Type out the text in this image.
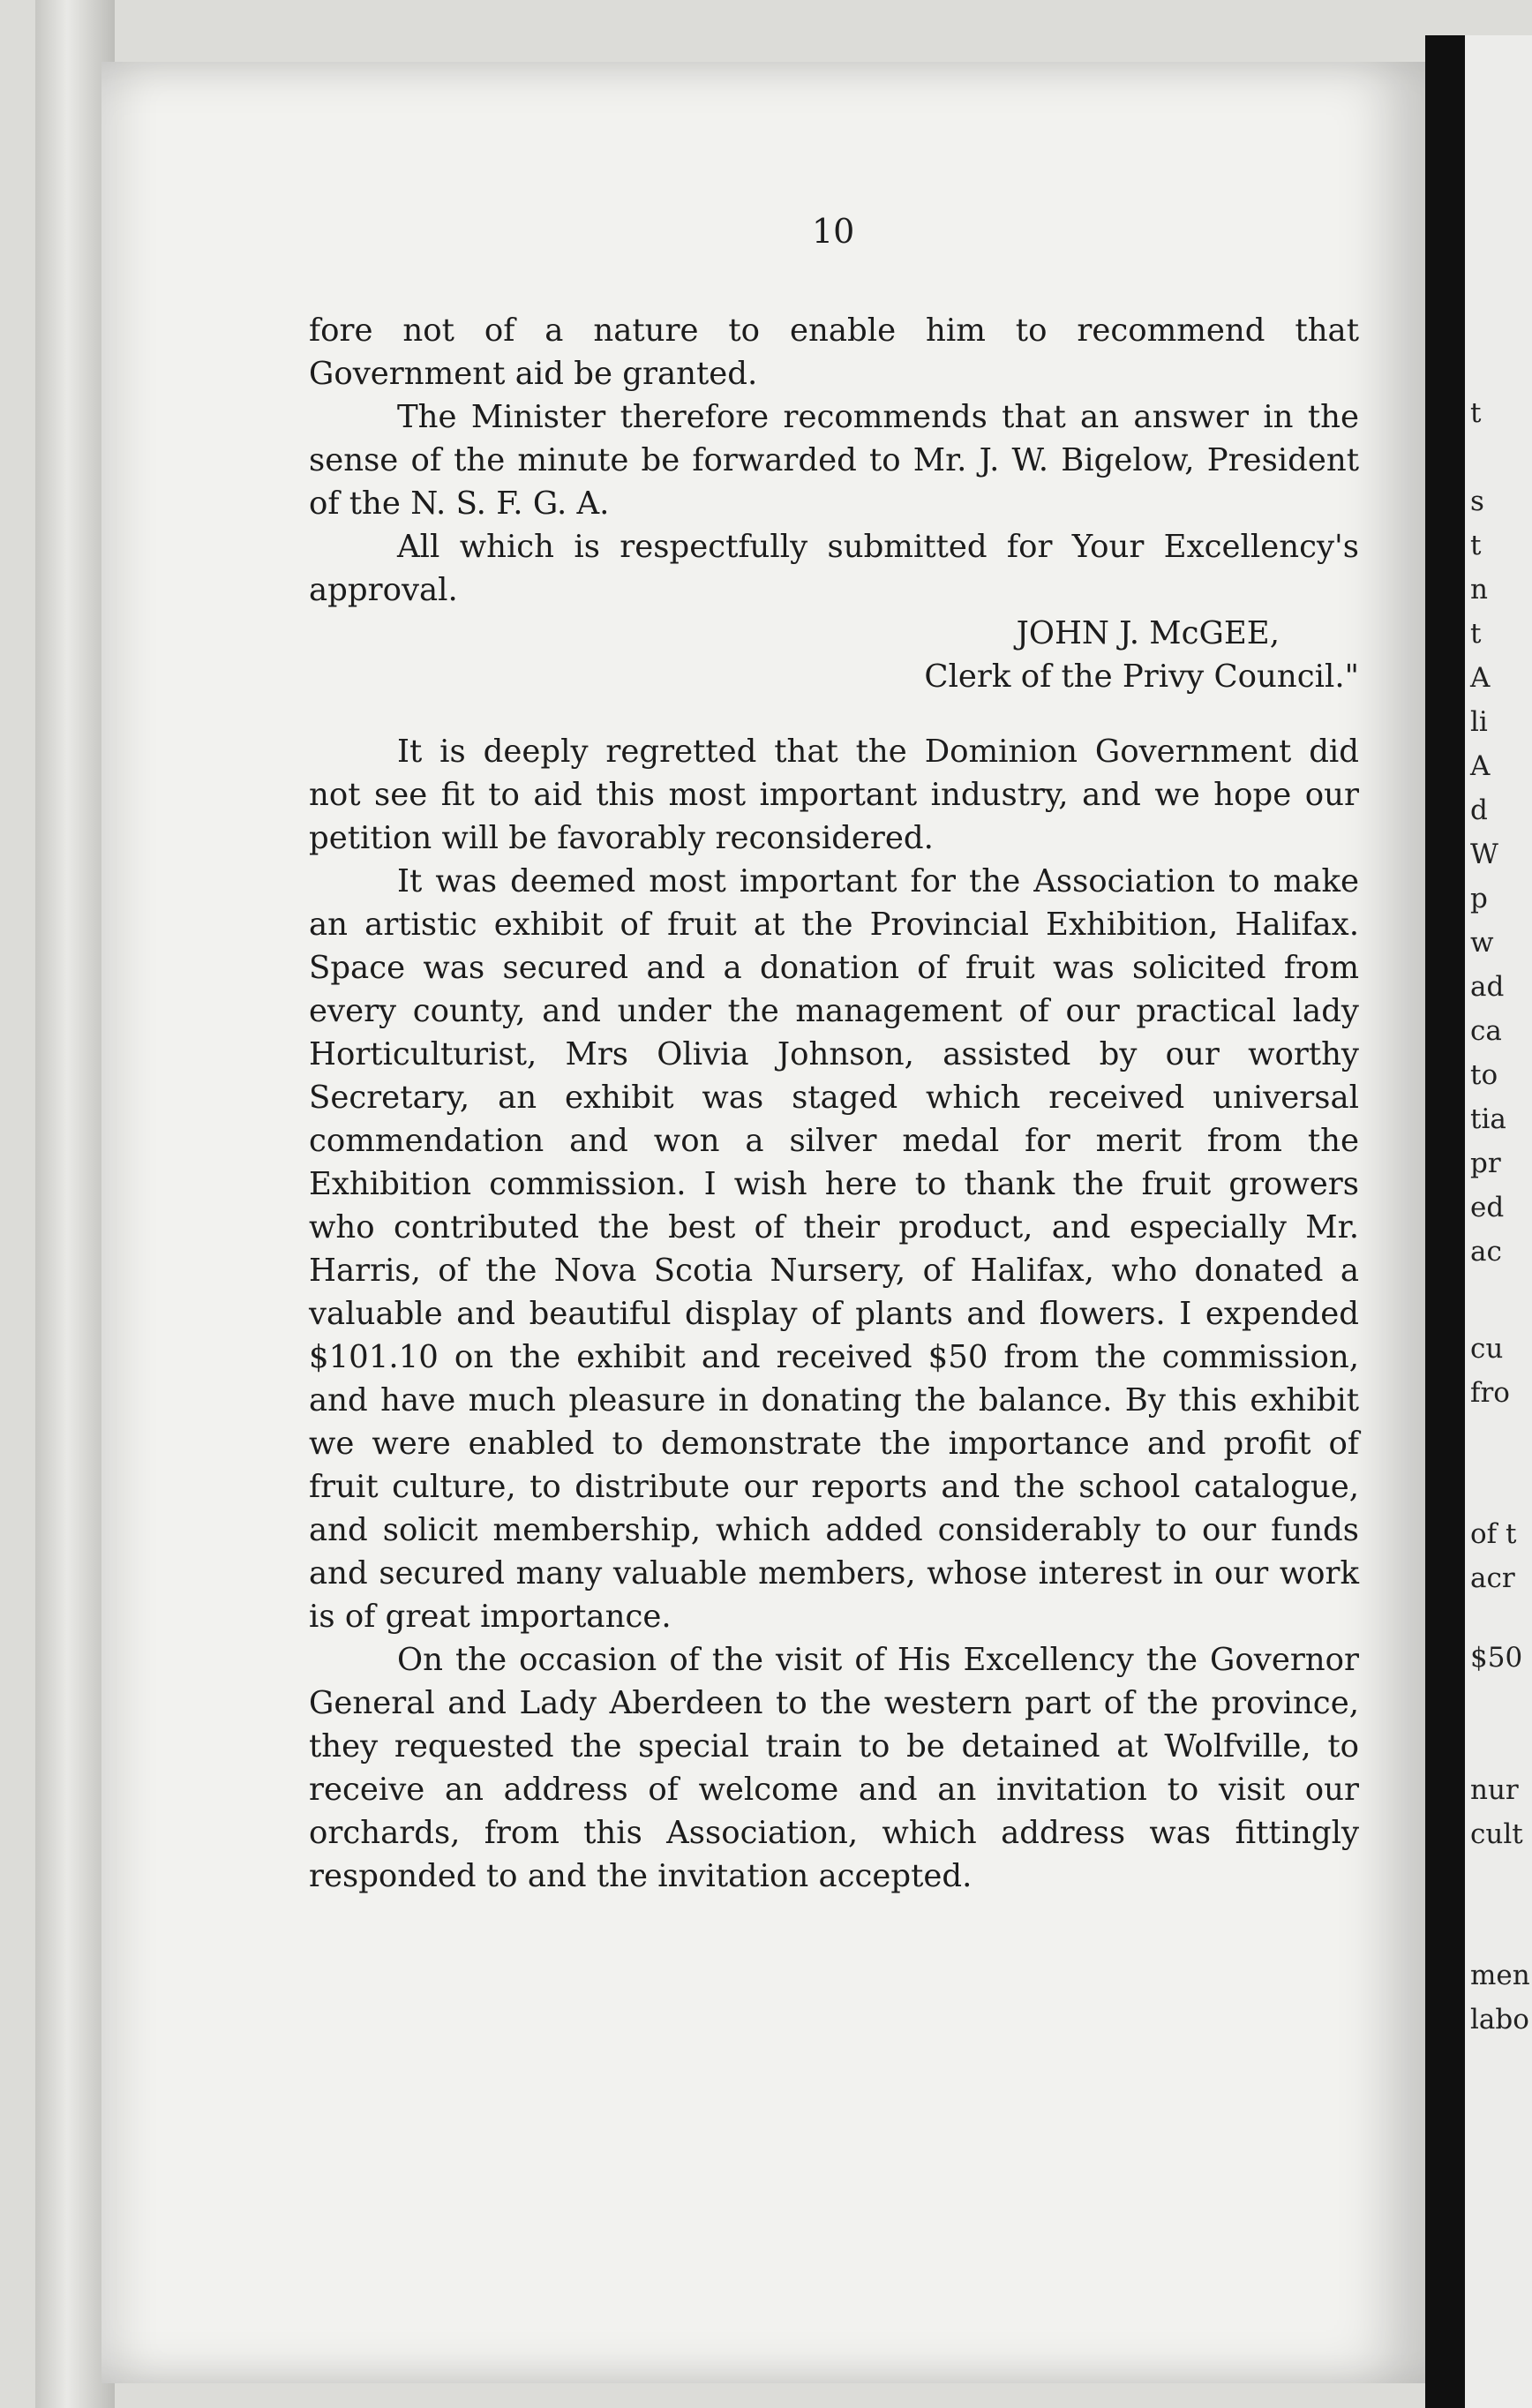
10

fore not of a nature to enable him to recommend that Government aid be granted.

The Minister therefore recommends that an answer in the sense of the minute be forwarded to Mr. J. W. Bigelow, President of the N. S. F. G. A.

All which is respectfully submitted for Your Excellency's approval.

JOHN J. McGEE,

Clerk of the Privy Council."

It is deeply regretted that the Dominion Government did not see fit to aid this most important industry, and we hope our petition will be favorably reconsidered.

It was deemed most important for the Association to make an artistic exhibit of fruit at the Provincial Exhibition, Halifax. Space was secured and a donation of fruit was solicited from every county, and under the management of our practical lady Horticulturist, Mrs Olivia Johnson, assisted by our worthy Secretary, an exhibit was staged which received universal commendation and won a silver medal for merit from the Exhibition commission. I wish here to thank the fruit growers who contributed the best of their product, and especially Mr. Harris, of the Nova Scotia Nursery, of Halifax, who donated a valuable and beautiful display of plants and flowers. I expended $101.10 on the exhibit and received $50 from the commission, and have much pleasure in donating the balance. By this exhibit we were enabled to demonstrate the importance and profit of fruit culture, to distribute our reports and the school catalogue, and solicit membership, which added considerably to our funds and secured many valuable members, whose interest in our work is of great importance.

On the occasion of the visit of His Excellency the Governor General and Lady Aberdeen to the western part of the province, they requested the special train to be detained at Wolfville, to receive an address of welcome and an invitation to visit our orchards, from this Association, which address was fittingly responded to and the invitation accepted.

t
s
t
n
t
A
li
A
d
W
p
w
ad
ca
to
tia
pr
ed
ac
cu
fro
of t
acr
$50
nur
cult
men
labo
